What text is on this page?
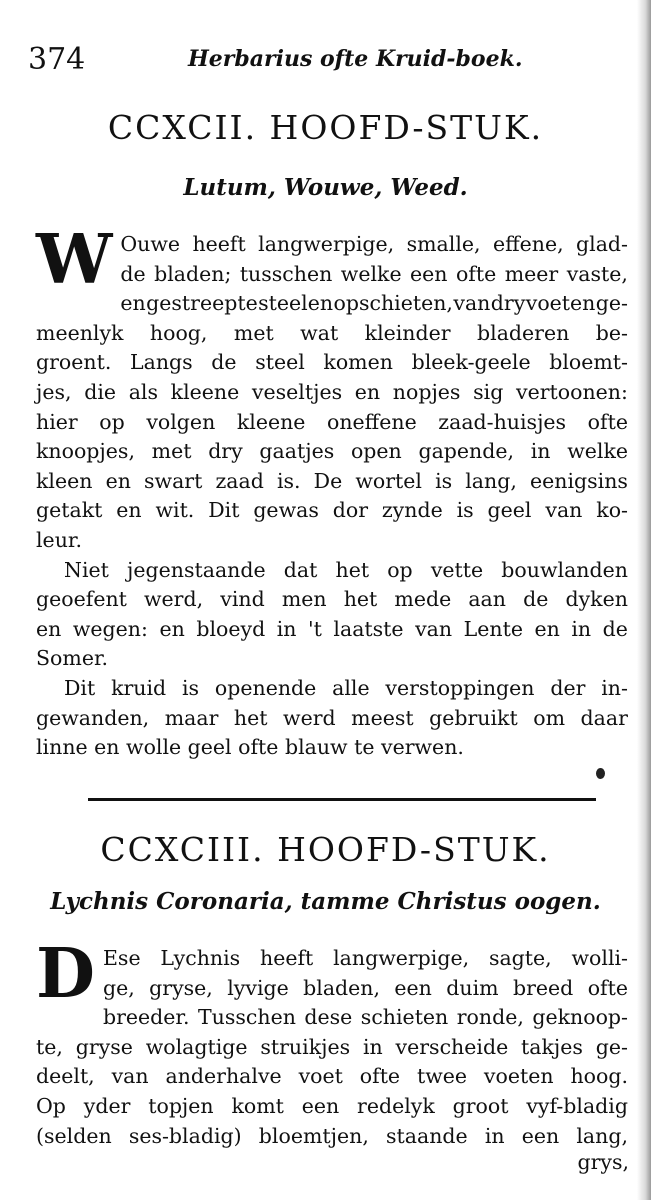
374	Herbarius ofte Kruid-boek.
CCXCII. HOOFD-STUK.
Lutum, Wouwe, Weed.
W Ouwe heeft langwerpige, smalle, effene, glad-
de bladen; tusschen welke een ofte meer vaste,
en gestreepte steelen opschieten, van dry voeten ge-
meenlyk hoog, met wat kleinder bladeren be-
groent. Langs de steel komen bleek-geele bloemt-
jes, die als kleene veseltjes en nopjes sig vertoonen:
hier op volgen kleene oneffene zaad-huisjes ofte
knoopjes, met dry gaatjes open gapende, in welke
kleen en swart zaad is. De wortel is lang, eenigsins
getakt en wit. Dit gewas dor zynde is geel van ko-
leur.
Niet jegenstaande dat het op vette bouwlanden
geoefent werd, vind men het mede aan de dyken
en wegen: en bloeyd in 't laatste van Lente en in de
Somer.
Dit kruid is openende alle verstoppingen der in-
gewanden, maar het werd meest gebruikt om daar
linne en wolle geel ofte blauw te verwen.
CCXCIII. HOOFD-STUK.
Lychnis Coronaria, tamme Christus oogen.
D Ese Lychnis heeft langwerpige, sagte, wolli-
ge, gryse, lyvige bladen, een duim breed ofte
breeder. Tusschen dese schieten ronde, geknoop-
te, gryse wolagtige struikjes in verscheide takjes ge-
deelt, van anderhalve voet ofte twee voeten hoog.
Op yder topjen komt een redelyk groot vyf-bladig
(selden ses-bladig) bloemtjen, staande in een lang,
grys,
